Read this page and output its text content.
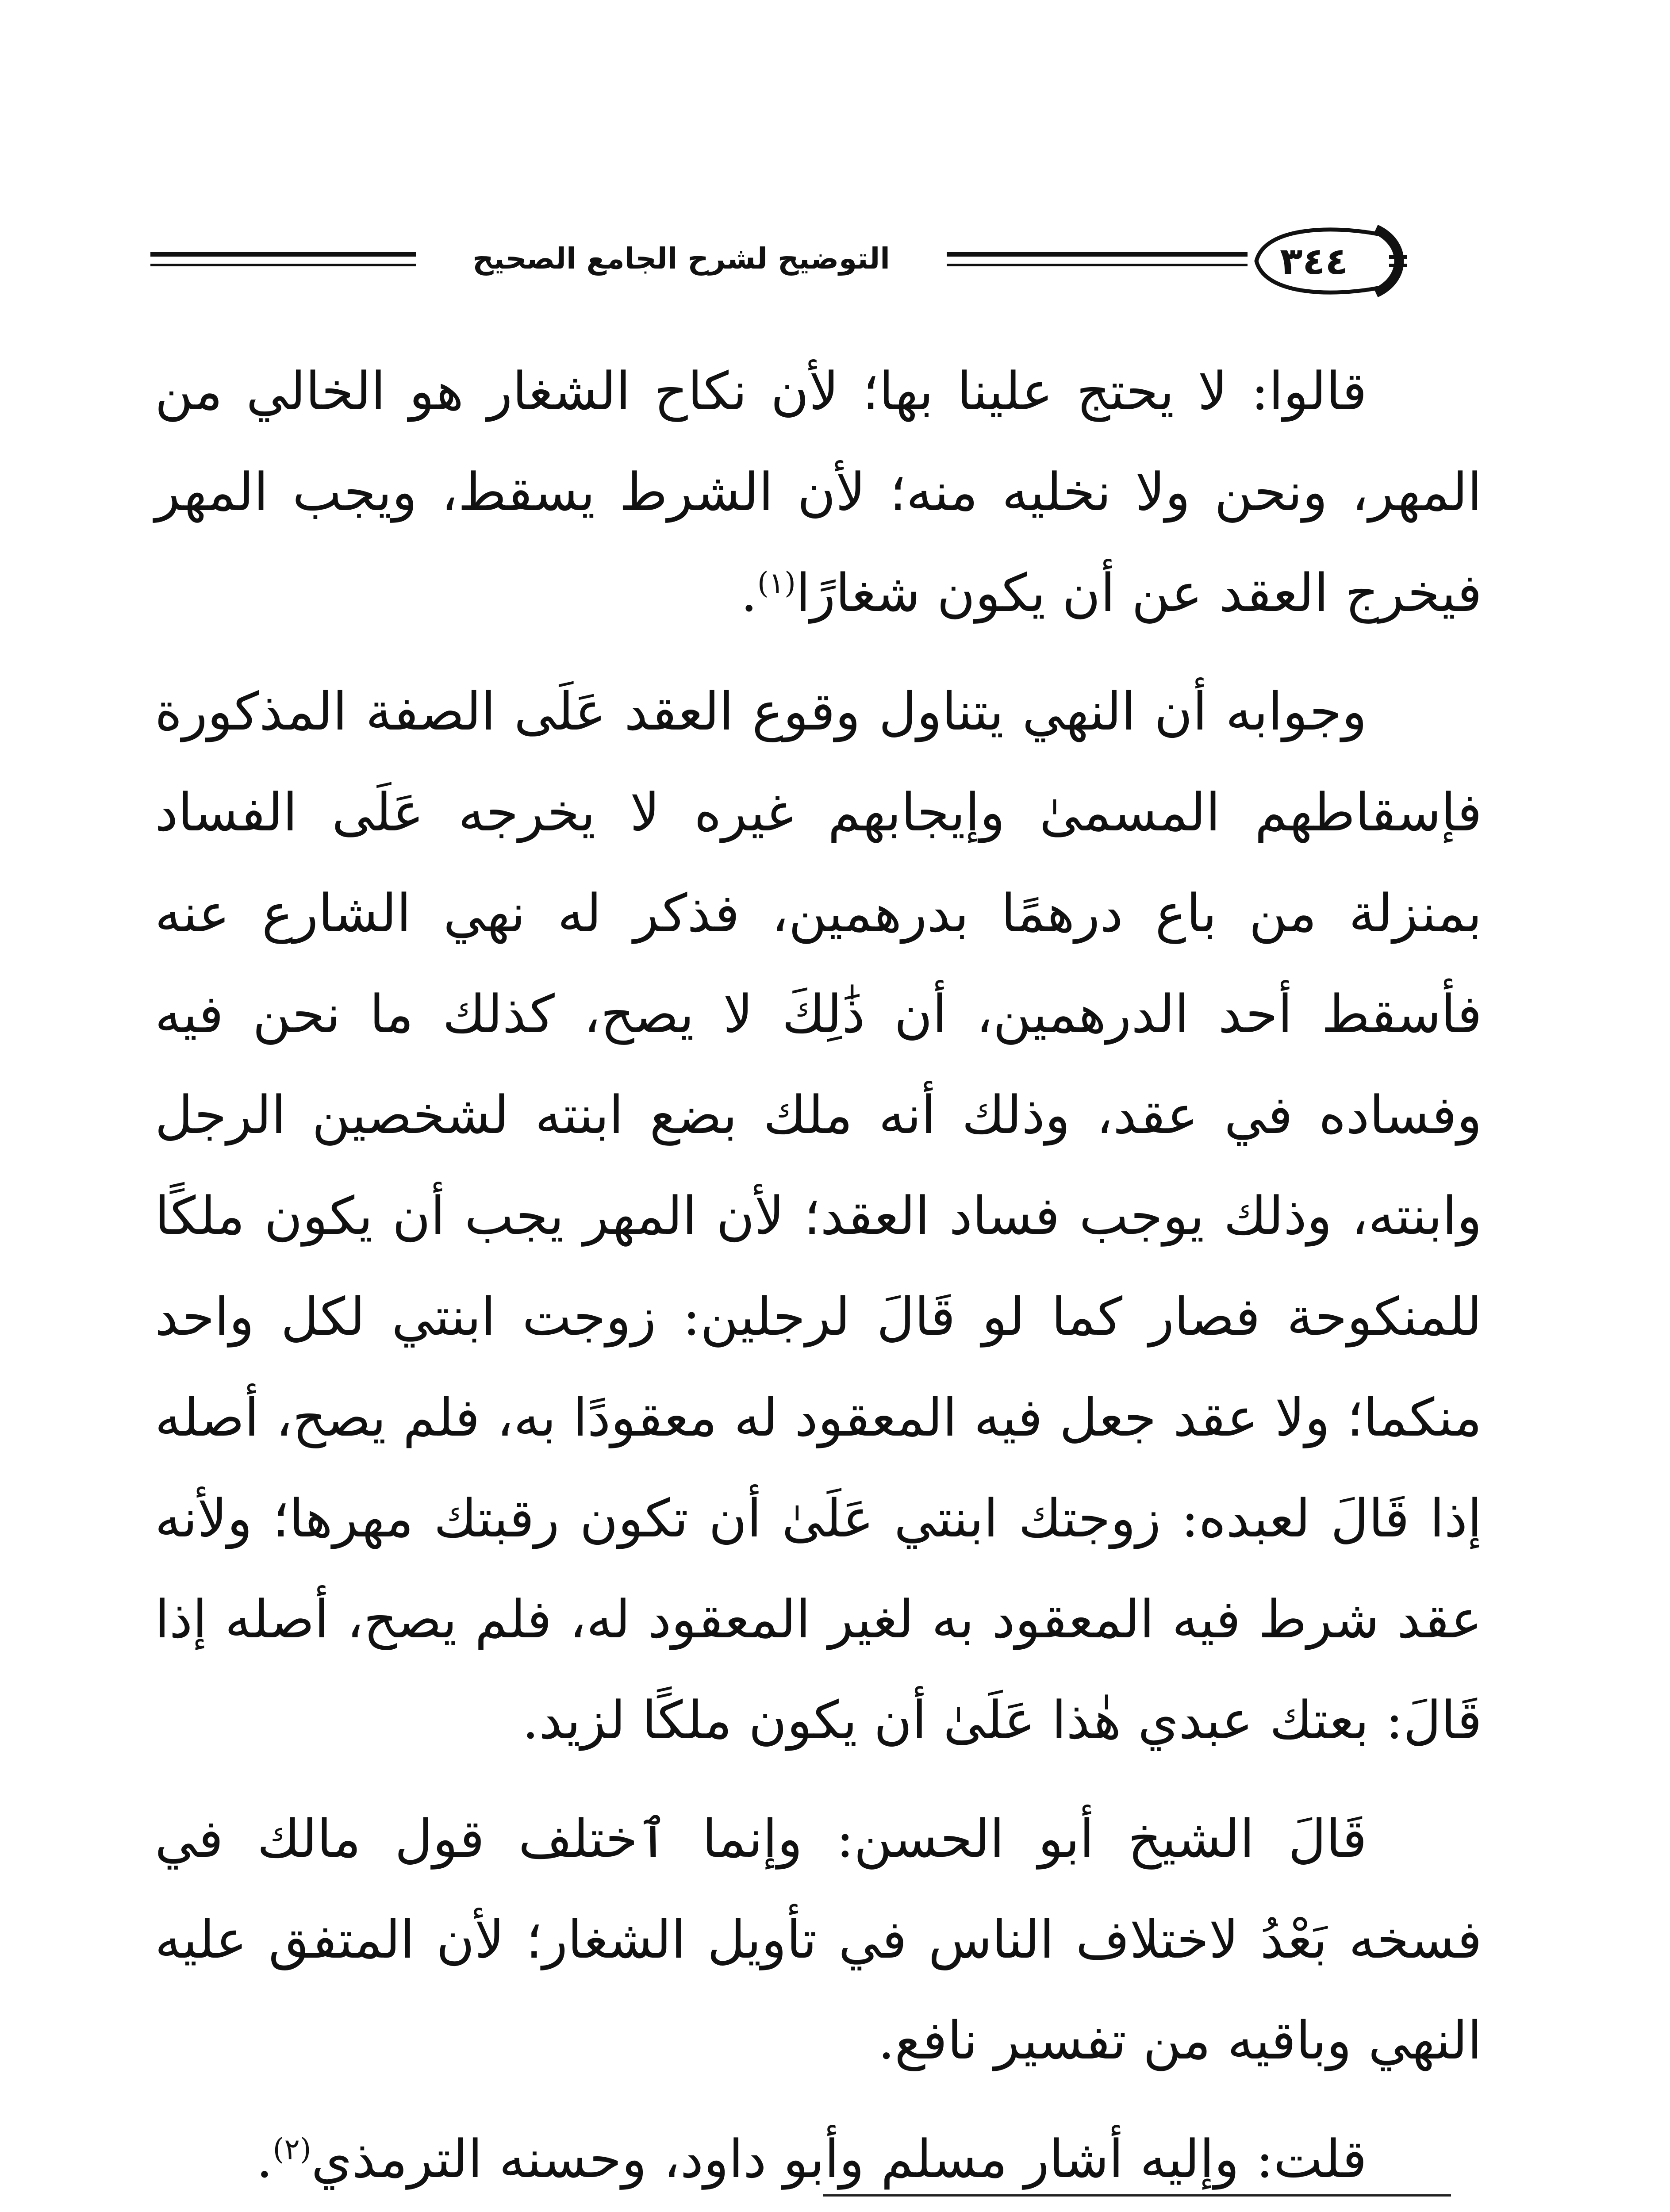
التوضيح لشرح الجامع الصحيح	٣٤٤

قالوا: لا يحتج علينا بها؛ لأن نكاح الشغار هو الخالي من المهر، ونحن ولا نخليه منه؛ لأن الشرط يسقط، ويجب المهر فيخرج العقد عن أن يكون شغارًا$^{(١)}$.

وجوابه أن النهي يتناول وقوع العقد عَلَى الصفة المذكورة فإسقاطهم المسمىٰ وإيجابهم غيره لا يخرجه عَلَى الفساد بمنزلة من باع درهمًا بدرهمين، فذكر له نهي الشارع عنه فأسقط أحد الدرهمين، أن ذَٰلِكَ لا يصح، كذلك ما نحن فيه وفساده في عقد، وذلك أنه ملك بضع ابنته لشخصين الرجل وابنته، وذلك يوجب فساد العقد؛ لأن المهر يجب أن يكون ملكًا للمنكوحة فصار كما لو قَالَ لرجلين: زوجت ابنتي لكل واحد منكما؛ ولا عقد جعل فيه المعقود له معقودًا به، فلم يصح، أصله إذا قَالَ لعبده: زوجتك ابنتي عَلَىٰ أن تكون رقبتك مهرها؛ ولأنه عقد شرط فيه المعقود به لغير المعقود له، فلم يصح، أصله إذا قَالَ: بعتك عبدي هٰذا عَلَىٰ أن يكون ملكًا لزيد.

قَالَ الشيخ أبو الحسن: وإنما ٱختلف قول مالك في فسخه بَعْدُ لاختلاف الناس في تأويل الشغار؛ لأن المتفق عليه النهي وباقيه من تفسير نافع.

قلت: وإليه أشار مسلم وأبو داود، وحسنه الترمذي$^{(٢)}$.
